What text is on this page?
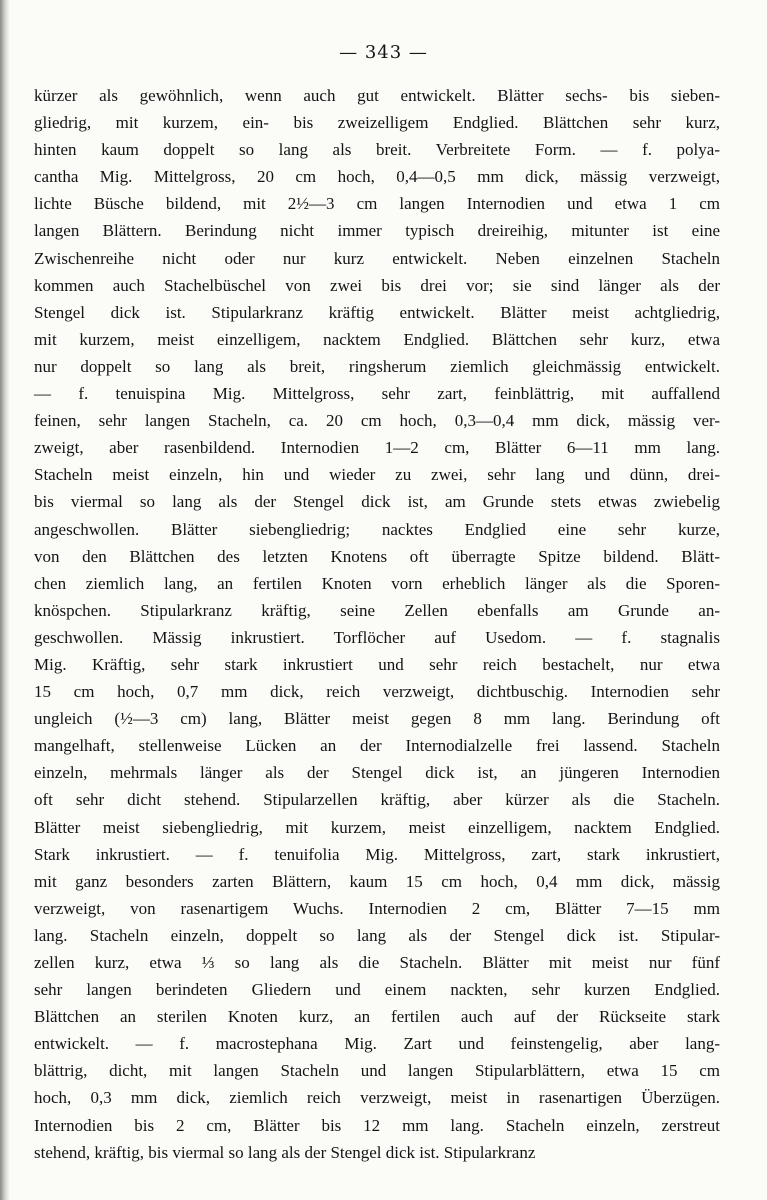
— 343 —
kürzer als gewöhnlich, wenn auch gut entwickelt. Blätter sechs- bis sieben-
gliedrig, mit kurzem, ein- bis zweizelligem Endglied. Blättchen sehr kurz,
hinten kaum doppelt so lang als breit. Verbreitete Form. — f. polya-
cantha Mig. Mittelgross, 20 cm hoch, 0,4—0,5 mm dick, mässig verzweigt,
lichte Büsche bildend, mit 2½—3 cm langen Internodien und etwa 1 cm
langen Blättern. Berindung nicht immer typisch dreireihig, mitunter ist eine
Zwischenreihe nicht oder nur kurz entwickelt. Neben einzelnen Stacheln
kommen auch Stachelbüschel von zwei bis drei vor; sie sind länger als der
Stengel dick ist. Stipularkranz kräftig entwickelt. Blätter meist achtgliedrig,
mit kurzem, meist einzelligem, nacktem Endglied. Blättchen sehr kurz, etwa
nur doppelt so lang als breit, ringsherum ziemlich gleichmässig entwickelt.
— f. tenuispina Mig. Mittelgross, sehr zart, feinblättrig, mit auffallend
feinen, sehr langen Stacheln, ca. 20 cm hoch, 0,3—0,4 mm dick, mässig ver-
zweigt, aber rasenbildend. Internodien 1—2 cm, Blätter 6—11 mm lang.
Stacheln meist einzeln, hin und wieder zu zwei, sehr lang und dünn, drei-
bis viermal so lang als der Stengel dick ist, am Grunde stets etwas zwiebelig
angeschwollen. Blätter siebengliedrig; nacktes Endglied eine sehr kurze,
von den Blättchen des letzten Knotens oft überragte Spitze bildend. Blätt-
chen ziemlich lang, an fertilen Knoten vorn erheblich länger als die Sporen-
knöspchen. Stipularkranz kräftig, seine Zellen ebenfalls am Grunde an-
geschwollen. Mässig inkrustiert. Torflöcher auf Usedom. — f. stagnalis
Mig. Kräftig, sehr stark inkrustiert und sehr reich bestachelt, nur etwa
15 cm hoch, 0,7 mm dick, reich verzweigt, dichtbuschig. Internodien sehr
ungleich (½—3 cm) lang, Blätter meist gegen 8 mm lang. Berindung oft
mangelhaft, stellenweise Lücken an der Internodialzelle frei lassend. Stacheln
einzeln, mehrmals länger als der Stengel dick ist, an jüngeren Internodien
oft sehr dicht stehend. Stipularzellen kräftig, aber kürzer als die Stacheln.
Blätter meist siebengliedrig, mit kurzem, meist einzelligem, nacktem Endglied.
Stark inkrustiert. — f. tenuifolia Mig. Mittelgross, zart, stark inkrustiert,
mit ganz besonders zarten Blättern, kaum 15 cm hoch, 0,4 mm dick, mässig
verzweigt, von rasenartigem Wuchs. Internodien 2 cm, Blätter 7—15 mm
lang. Stacheln einzeln, doppelt so lang als der Stengel dick ist. Stipular-
zellen kurz, etwa ⅓ so lang als die Stacheln. Blätter mit meist nur fünf
sehr langen berindeten Gliedern und einem nackten, sehr kurzen Endglied.
Blättchen an sterilen Knoten kurz, an fertilen auch auf der Rückseite stark
entwickelt. — f. macrostephana Mig. Zart und feinstengelig, aber lang-
blättrig, dicht, mit langen Stacheln und langen Stipularblättern, etwa 15 cm
hoch, 0,3 mm dick, ziemlich reich verzweigt, meist in rasenartigen Überzügen.
Internodien bis 2 cm, Blätter bis 12 mm lang. Stacheln einzeln, zerstreut
stehend, kräftig, bis viermal so lang als der Stengel dick ist. Stipularkranz
